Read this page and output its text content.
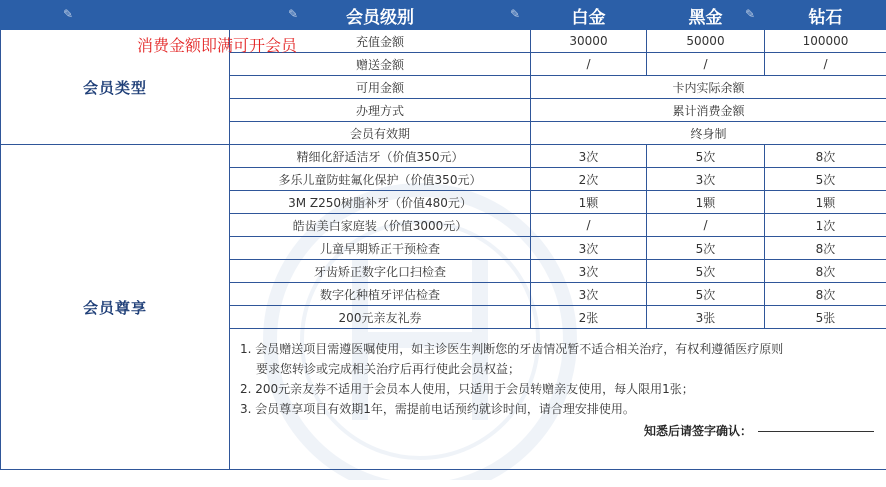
✎	✎ 会员级别 ✎	白金	黑金 ✎	钻石
会员类型	充值金额	30000	50000	100000
	赠送金额	/	/	/
	可用金额	卡内实际余额		
	办理方式	累计消费金额		
	会员有效期	终身制		
会员尊享	精细化舒适洁牙（价值350元）	3次	5次	8次
	多乐儿童防蛀氟化保护（价值350元）	2次	3次	5次
	3M Z250树脂补牙（价值480元）	1颗	1颗	1颗
	皓齿美白家庭装（价值3000元）	/	/	1次
	儿童早期矫正干预检查	3次	5次	8次
	牙齿矫正数字化口扫检查	3次	5次	8次
	数字化种植牙评估检查	3次	5次	8次
	200元亲友礼券	2张	3张	5张

	1. 会员赠送项目需遵医嘱使用，如主诊医生判断您的牙齿情况暂不适合相关治疗，有权利遵循医疗原则
要求您转诊或完成相关治疗后再行使此会员权益；
2. 200元亲友券不适用于会员本人使用，只适用于会员转赠亲友使用，每人限用1张；
3. 会员尊享项目有效期1年，需提前电话预约就诊时间，请合理安排使用。
知悉后请签字确认：			
消费金额即满可开会员
